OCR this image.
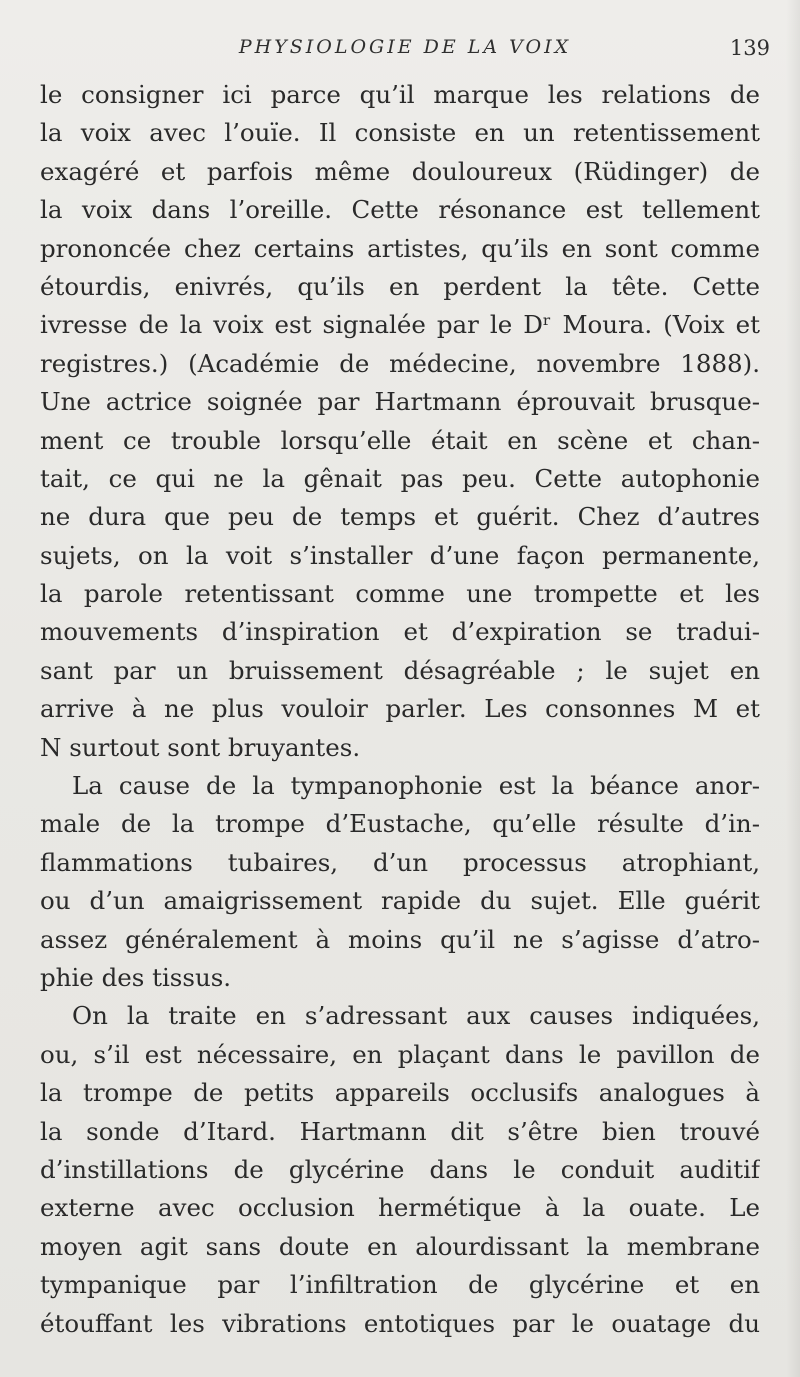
PHYSIOLOGIE DE LA VOIX	139
le consigner ici parce qu’il marque les relations de
la voix avec l’ouïe. Il consiste en un retentissement
exagéré et parfois même douloureux (Rüdinger) de
la voix dans l’oreille. Cette résonance est tellement
prononcée chez certains artistes, qu’ils en sont comme
étourdis, enivrés, qu’ils en perdent la tête. Cette
ivresse de la voix est signalée par le Dʳ Moura. (Voix et
registres.) (Académie de médecine, novembre 1888).
Une actrice soignée par Hartmann éprouvait brusque-
ment ce trouble lorsqu’elle était en scène et chan-
tait, ce qui ne la gênait pas peu. Cette autophonie
ne dura que peu de temps et guérit. Chez d’autres
sujets, on la voit s’installer d’une façon permanente,
la parole retentissant comme une trompette et les
mouvements d’inspiration et d’expiration se tradui-
sant par un bruissement désagréable ; le sujet en
arrive à ne plus vouloir parler. Les consonnes M et
N surtout sont bruyantes.
La cause de la tympanophonie est la béance anor-
male de la trompe d’Eustache, qu’elle résulte d’in-
flammations tubaires, d’un processus atrophiant,
ou d’un amaigrissement rapide du sujet. Elle guérit
assez généralement à moins qu’il ne s’agisse d’atro-
phie des tissus.
On la traite en s’adressant aux causes indiquées,
ou, s’il est nécessaire, en plaçant dans le pavillon de
la trompe de petits appareils occlusifs analogues à
la sonde d’Itard. Hartmann dit s’être bien trouvé
d’instillations de glycérine dans le conduit auditif
externe avec occlusion hermétique à la ouate. Le
moyen agit sans doute en alourdissant la membrane
tympanique par l’infiltration de glycérine et en
étouffant les vibrations entotiques par le ouatage du
